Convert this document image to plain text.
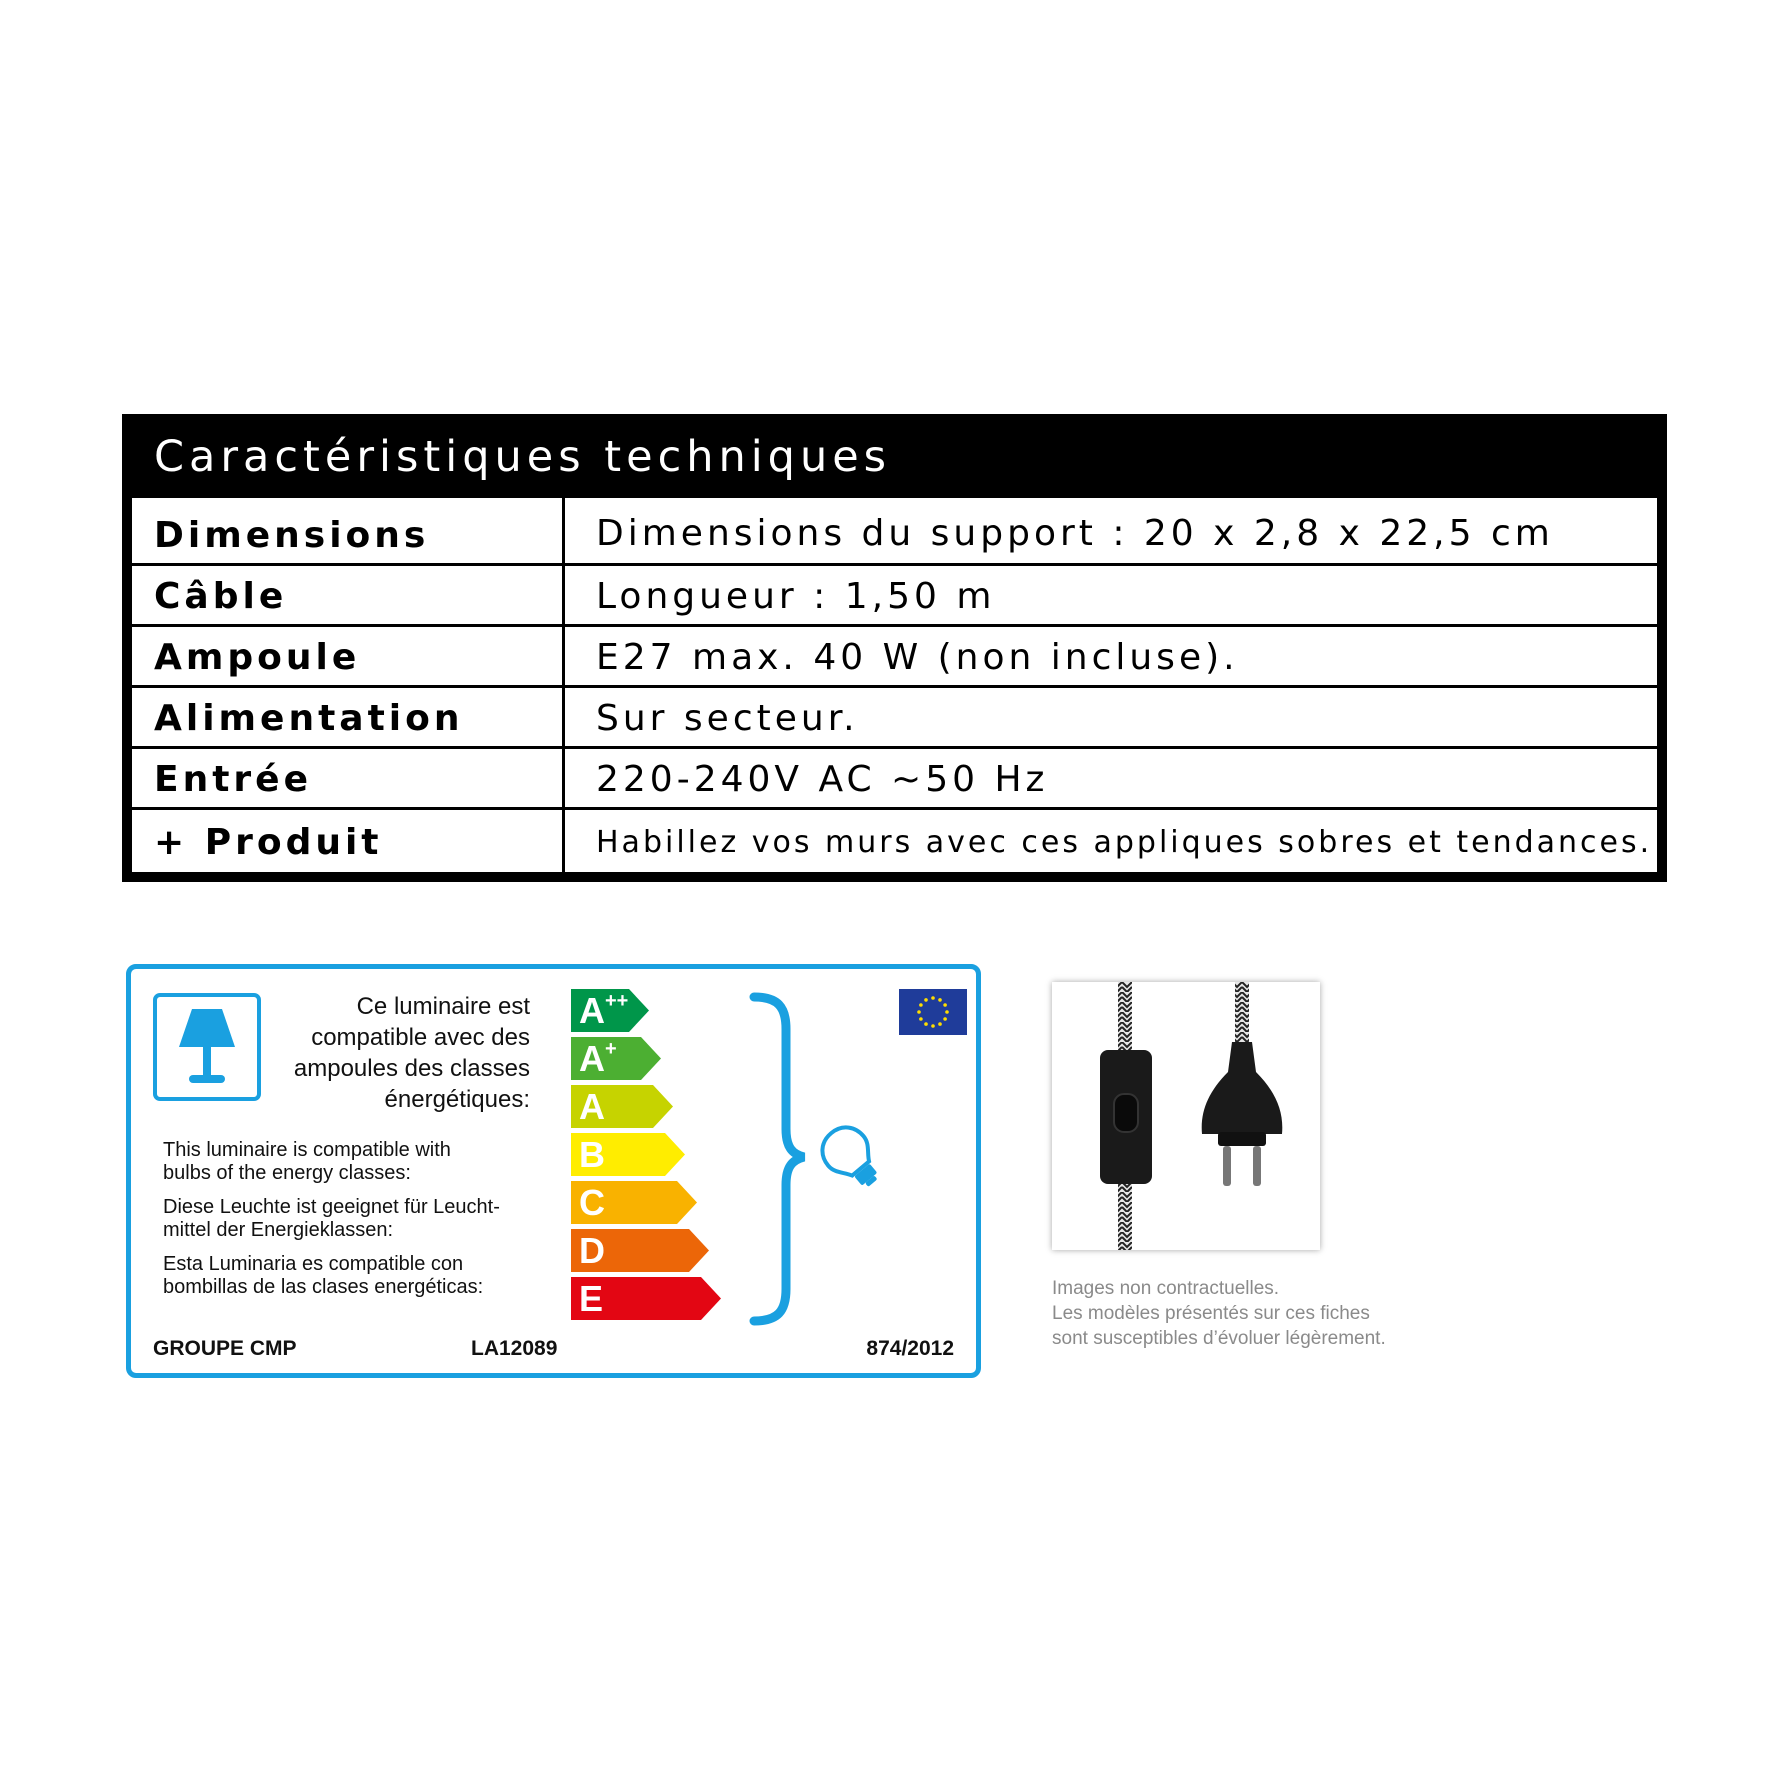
Caractéristiques techniques
Dimensions	Dimensions du support : 20 x 2,8 x 22,5 cm
Câble	Longueur : 1,50 m
Ampoule	E27 max. 40 W (non incluse).
Alimentation	Sur secteur.
Entrée	220-240V AC ~50 Hz
+ Produit	Habillez vos murs avec ces appliques sobres et tendances.
Ce luminaire est
compatible avec des
ampoules des classes
énergétiques:
This luminaire is compatible with
bulbs of the energy classes:
Diese Leuchte ist geeignet für Leucht-
mittel der Energieklassen:
Esta Luminaria es compatible con
bombillas de las clases energéticas:
A++
A+
A
B
C
D
E
GROUPE CMP	LA12089	874/2012
Images non contractuelles.
Les modèles présentés sur ces fiches
sont susceptibles d’évoluer légèrement.
